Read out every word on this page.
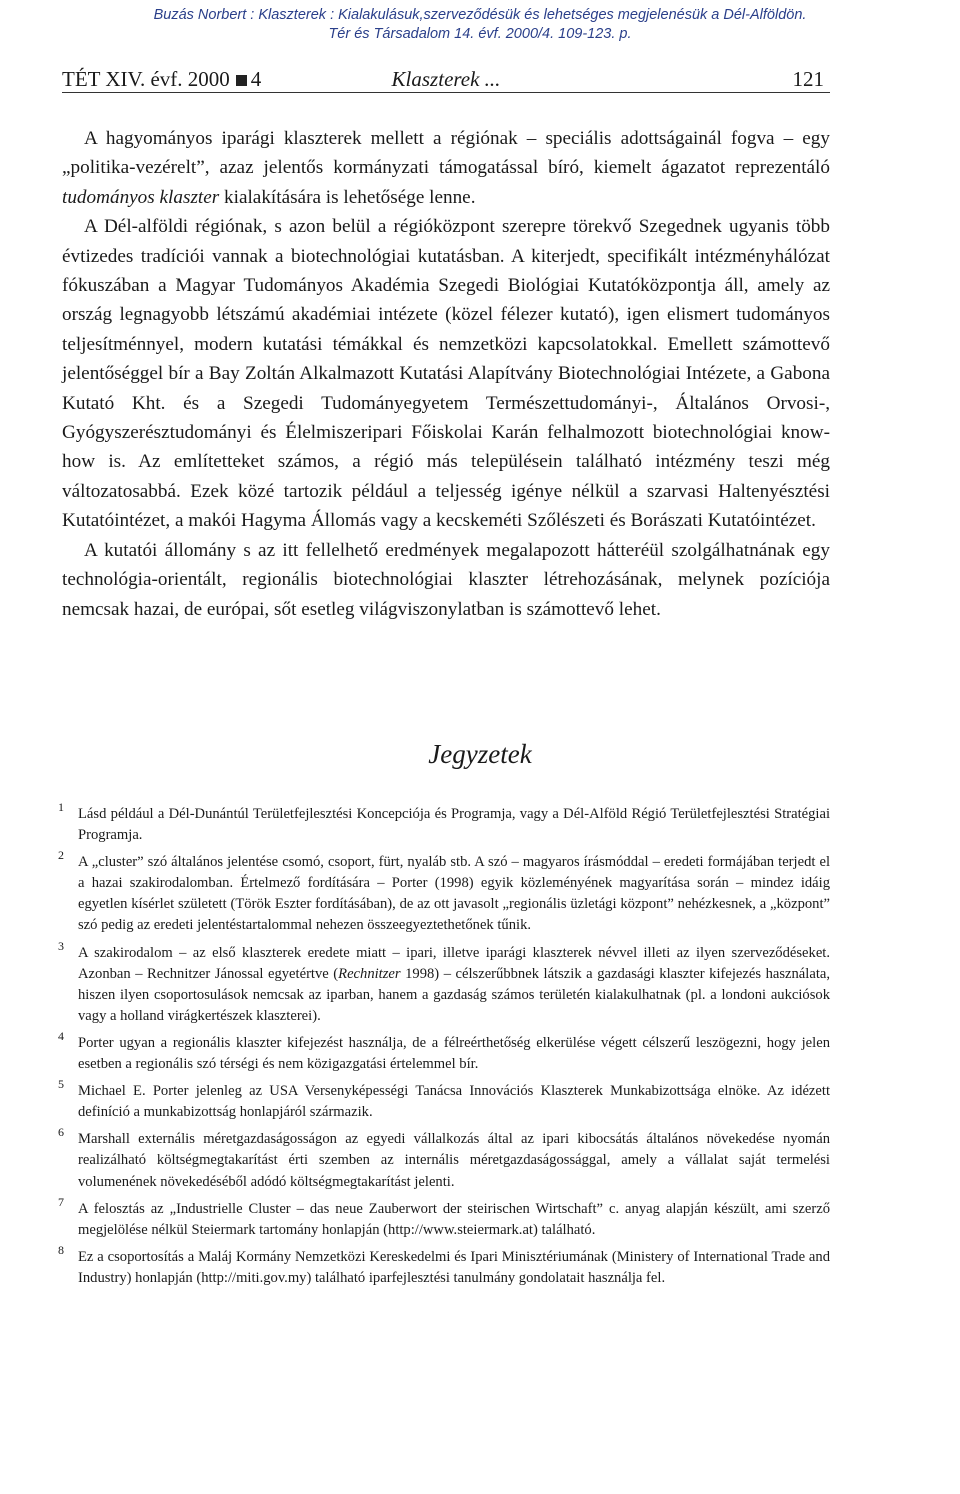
Buzás Norbert : Klaszterek : Kialakulásuk,szerveződésük és lehetséges megjelenésük a Dél-Alföldön.
Tér és Társadalom 14. évf. 2000/4. 109-123. p.
TÉT XIV. évf. 2000 4	Klaszterek ...	121

A hagyományos iparági klaszterek mellett a régiónak – speciális adottságainál fogva – egy „politika-vezérelt”, azaz jelentős kormányzati támogatással bíró, kiemelt ágazatot reprezentáló tudományos klaszter kialakítására is lehetősége lenne.

A Dél-alföldi régiónak, s azon belül a régióközpont szerepre törekvő Szegednek ugyanis több évtizedes tradíciói vannak a biotechnológiai kutatásban. A kiterjedt, specifikált intézményhálózat fókuszában a Magyar Tudományos Akadémia Szegedi Biológiai Kutatóközpontja áll, amely az ország legnagyobb létszámú akadémiai intézete (közel félezer kutató), igen elismert tudományos teljesítménnyel, modern kutatási témákkal és nemzetközi kapcsolatokkal. Emellett számottevő jelentőséggel bír a Bay Zoltán Alkalmazott Kutatási Alapítvány Biotechnológiai Intézete, a Gabona Kutató Kht. és a Szegedi Tudományegyetem Természettudományi-, Általános Orvosi-, Gyógyszerésztudományi és Élelmiszeripari Főiskolai Karán felhalmozott biotechnológiai know-how is. Az említetteket számos, a régió más településein található intézmény teszi még változatosabbá. Ezek közé tartozik például a teljesség igénye nélkül a szarvasi Haltenyésztési Kutatóintézet, a makói Hagyma Állomás vagy a kecskeméti Szőlészeti és Borászati Kutatóintézet.

A kutatói állomány s az itt fellelhető eredmények megalapozott hátteréül szolgálhatnának egy technológia-orientált, regionális biotechnológiai klaszter létrehozásának, melynek pozíciója nemcsak hazai, de európai, sőt esetleg világviszonylatban is számottevő lehet.

Jegyzetek
1 Lásd például a Dél-Dunántúl Területfejlesztési Koncepciója és Programja, vagy a Dél-Alföld Régió Területfejlesztési Stratégiai Programja.
2 A „cluster” szó általános jelentése csomó, csoport, fürt, nyaláb stb. A szó – magyaros írásmóddal – eredeti formájában terjedt el a hazai szakirodalomban. Értelmező fordítására – Porter (1998) egyik közleményének magyarítása során – mindez idáig egyetlen kísérlet született (Török Eszter fordításában), de az ott javasolt „regionális üzletági központ” nehézkesnek, a „központ” szó pedig az eredeti jelentéstartalommal nehezen összeegyeztethetőnek tűnik.
3 A szakirodalom – az első klaszterek eredete miatt – ipari, illetve iparági klaszterek névvel illeti az ilyen szerveződéseket. Azonban – Rechnitzer Jánossal egyetértve (Rechnitzer 1998) – célszerűbbnek látszik a gazdasági klaszter kifejezés használata, hiszen ilyen csoportosulások nemcsak az iparban, hanem a gazdaság számos területén kialakulhatnak (pl. a londoni aukciósok vagy a holland virágkertészek klaszterei).
4 Porter ugyan a regionális klaszter kifejezést használja, de a félreérthetőség elkerülése végett célszerű leszögezni, hogy jelen esetben a regionális szó térségi és nem közigazgatási értelemmel bír.
5 Michael E. Porter jelenleg az USA Versenyképességi Tanácsa Innovációs Klaszterek Munkabizottsága elnöke. Az idézett definíció a munkabizottság honlapjáról származik.
6 Marshall externális méretgazdaságosságon az egyedi vállalkozás által az ipari kibocsátás általános növekedése nyomán realizálható költségmegtakarítást érti szemben az internális méretgazdaságossággal, amely a vállalat saját termelési volumenének növekedéséből adódó költségmegtakarítást jelenti.
7 A felosztás az „Industrielle Cluster – das neue Zauberwort der steirischen Wirtschaft” c. anyag alapján készült, ami szerző megjelölése nélkül Steiermark tartomány honlapján (http://www.steiermark.at) található.
8 Ez a csoportosítás a Maláj Kormány Nemzetközi Kereskedelmi és Ipari Minisztériumának (Ministery of International Trade and Industry) honlapján (http://miti.gov.my) található iparfejlesztési tanulmány gondolatait használja fel.
